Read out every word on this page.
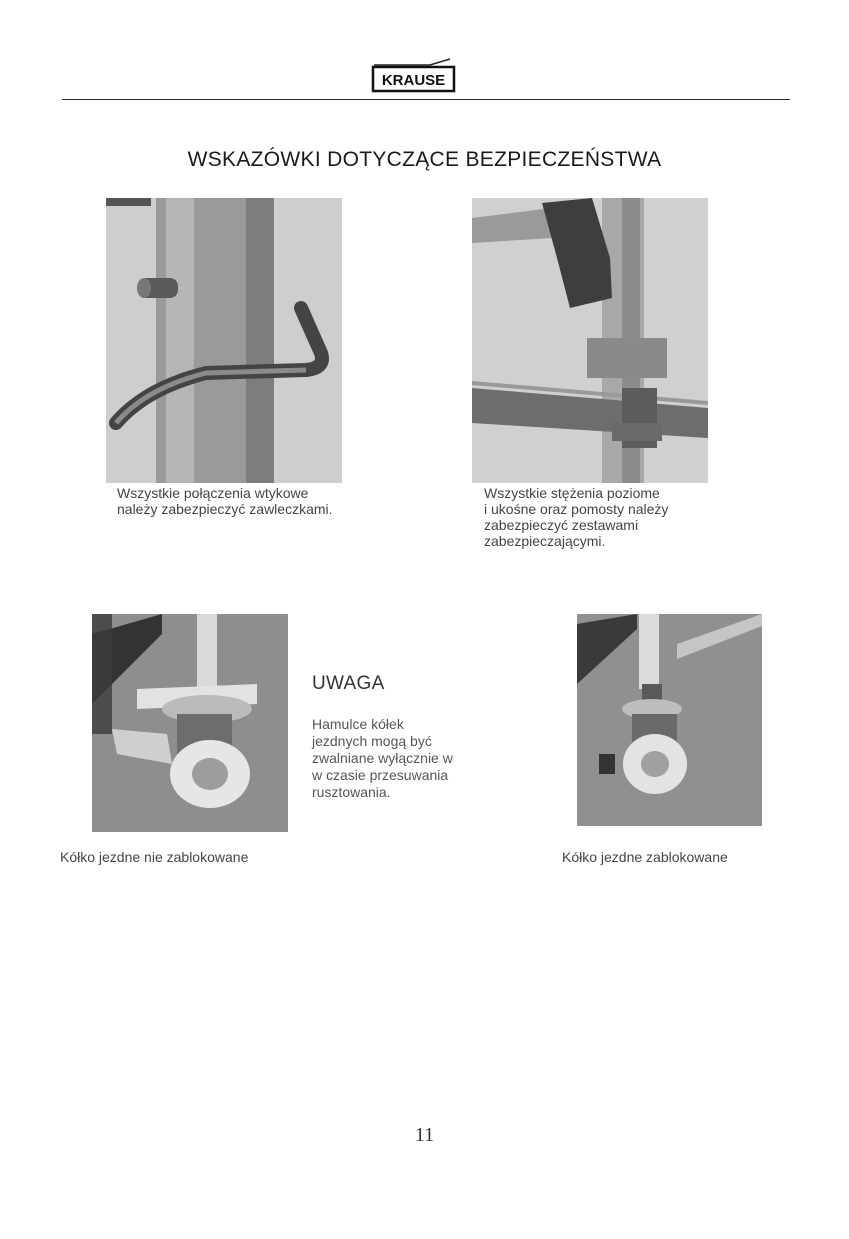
KRAUSE
WSKAZÓWKI DOTYCZĄCE BEZPIECZEŃSTWA
Wszystkie połączenia wtykowe
należy zabezpieczyć zawleczkami.
Wszystkie stężenia poziome
i ukośne oraz pomosty należy
zabezpieczyć zestawami
zabezpieczającymi.
UWAGA
Hamulce kółek
jezdnych mogą być
zwalniane wyłącznie w
w czasie przesuwania
rusztowania.
Kółko jezdne nie zablokowane	Kółko jezdne zablokowane
11
